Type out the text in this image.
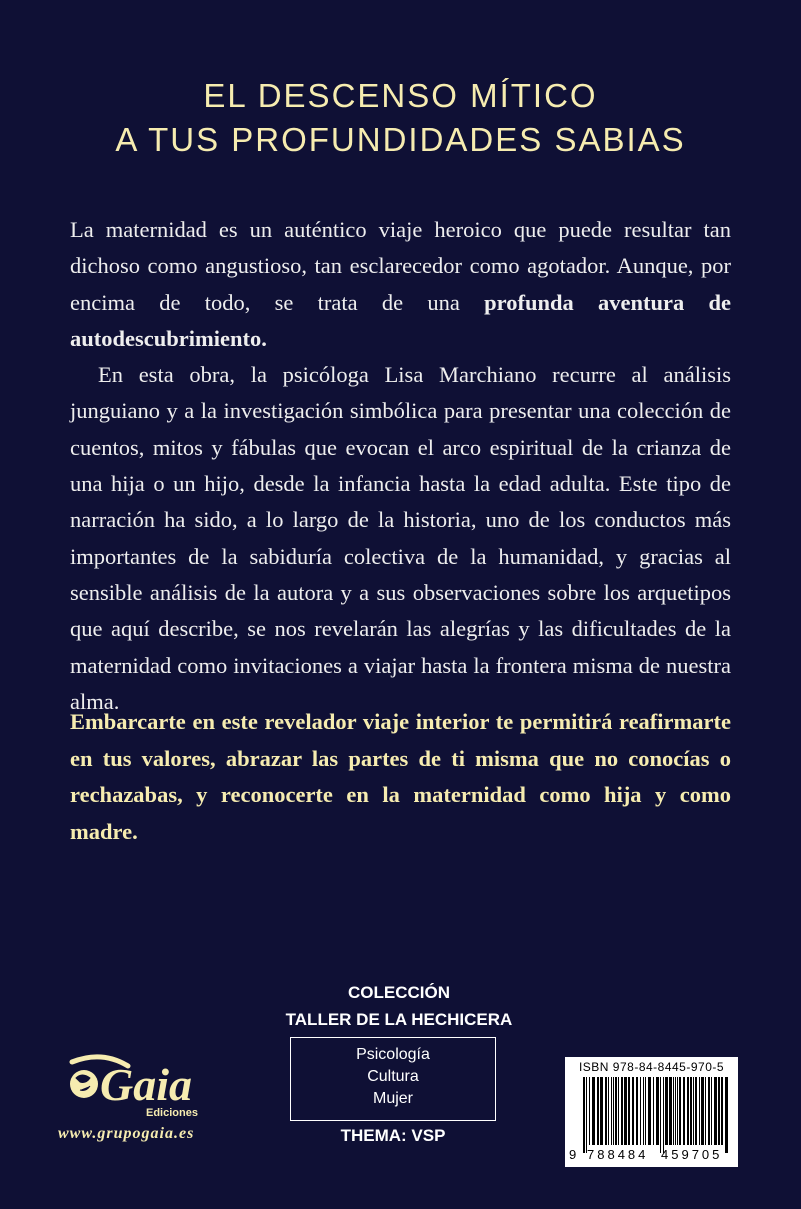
EL DESCENSO MÍTICO
A TUS PROFUNDIDADES SABIAS

La maternidad es un auténtico viaje heroico que puede resultar tan dichoso como angustioso, tan esclarecedor como agotador. Aunque, por encima de todo, se trata de una profunda aventura de autodescubrimiento.

En esta obra, la psicóloga Lisa Marchiano recurre al análisis junguiano y a la investigación simbólica para presentar una colección de cuentos, mitos y fábulas que evocan el arco espiritual de la crianza de una hija o un hijo, desde la infancia hasta la edad adulta. Este tipo de narración ha sido, a lo largo de la historia, uno de los conductos más importantes de la sabiduría colectiva de la humanidad, y gracias al sensible análisis de la autora y a sus observaciones sobre los arquetipos que aquí describe, se nos revelarán las alegrías y las dificultades de la maternidad como invitaciones a viajar hasta la frontera misma de nuestra alma.

Embarcarte en este revelador viaje interior te permitirá reafirmarte en tus valores, abrazar las partes de ti misma que no conocías o rechazabas, y reconocerte en la maternidad como hija y como madre.
COLECCIÓN
TALLER DE LA HECHICERA
Psicología
Cultura
Mujer
THEMA: VSP
Gaia
Ediciones
www.grupogaia.es
ISBN 978-84-8445-970-5
9 788484 459705
